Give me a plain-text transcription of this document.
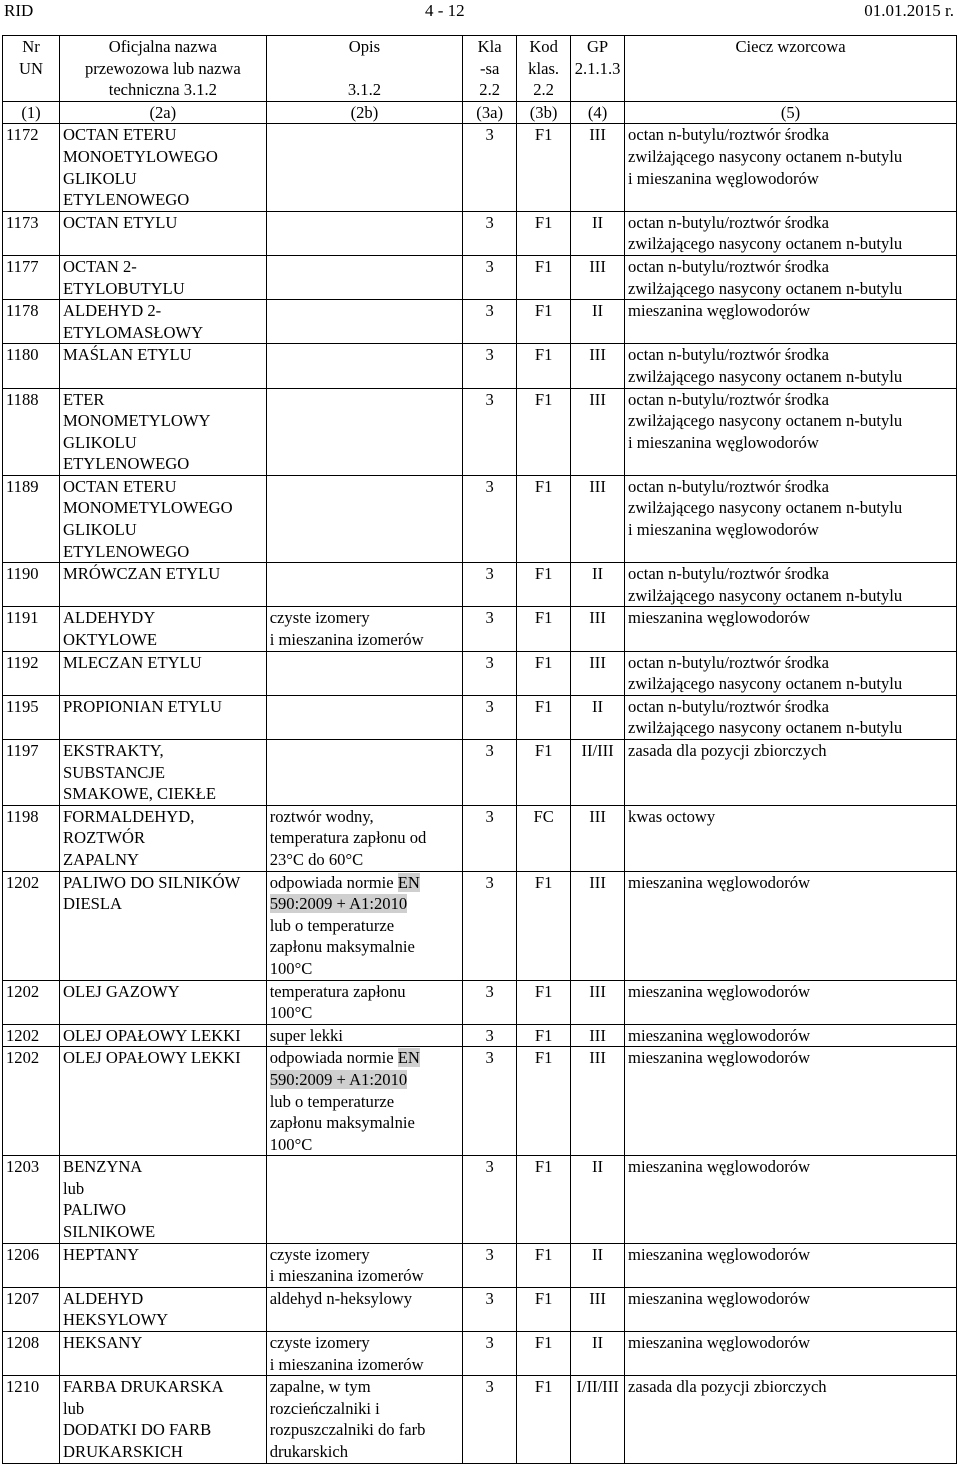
RID	4 - 12	01.01.2015 r.
Nr
UN	Oficjalna nazwa
przewozowa lub nazwa
techniczna 3.1.2	Opis

3.1.2	Kla
-sa
2.2	Kod
klas.
2.2	GP
2.1.1.3	Ciecz wzorcowa
(1)	(2a)	(2b)	(3a)	(3b)	(4)	(5)
1172	OCTAN ETERU
MONOETYLOWEGO
GLIKOLU
ETYLENOWEGO		3	F1	III	octan n-butylu/roztwór środka
zwilżającego nasycony octanem n-butylu
i mieszanina węglowodorów
1173	OCTAN ETYLU		3	F1	II	octan n-butylu/roztwór środka
zwilżającego nasycony octanem n-butylu
1177	OCTAN 2-
ETYLOBUTYLU		3	F1	III	octan n-butylu/roztwór środka
zwilżającego nasycony octanem n-butylu
1178	ALDEHYD 2-
ETYLOMASŁOWY		3	F1	II	mieszanina węglowodorów
1180	MAŚLAN ETYLU		3	F1	III	octan n-butylu/roztwór środka
zwilżającego nasycony octanem n-butylu
1188	ETER
MONOMETYLOWY
GLIKOLU
ETYLENOWEGO		3	F1	III	octan n-butylu/roztwór środka
zwilżającego nasycony octanem n-butylu
i mieszanina węglowodorów
1189	OCTAN ETERU
MONOMETYLOWEGO
GLIKOLU
ETYLENOWEGO		3	F1	III	octan n-butylu/roztwór środka
zwilżającego nasycony octanem n-butylu
i mieszanina węglowodorów
1190	MRÓWCZAN ETYLU		3	F1	II	octan n-butylu/roztwór środka
zwilżającego nasycony octanem n-butylu
1191	ALDEHYDY
OKTYLOWE	czyste izomery
i mieszanina izomerów	3	F1	III	mieszanina węglowodorów
1192	MLECZAN ETYLU		3	F1	III	octan n-butylu/roztwór środka
zwilżającego nasycony octanem n-butylu
1195	PROPIONIAN ETYLU		3	F1	II	octan n-butylu/roztwór środka
zwilżającego nasycony octanem n-butylu
1197	EKSTRAKTY,
SUBSTANCJE
SMAKOWE, CIEKŁE		3	F1	II/III	zasada dla pozycji zbiorczych
1198	FORMALDEHYD,
ROZTWÓR
ZAPALNY	roztwór wodny,
temperatura zapłonu od
23°C do 60°C	3	FC	III	kwas octowy
1202	PALIWO DO SILNIKÓW
DIESLA	odpowiada normie EN
590:2009 + A1:2010
lub o temperaturze
zapłonu maksymalnie
100°C	3	F1	III	mieszanina węglowodorów
1202	OLEJ GAZOWY	temperatura zapłonu
100°C	3	F1	III	mieszanina węglowodorów
1202	OLEJ OPAŁOWY LEKKI	super lekki	3	F1	III	mieszanina węglowodorów
1202	OLEJ OPAŁOWY LEKKI	odpowiada normie EN
590:2009 + A1:2010
lub o temperaturze
zapłonu maksymalnie
100°C	3	F1	III	mieszanina węglowodorów
1203	BENZYNA
lub
PALIWO
SILNIKOWE		3	F1	II	mieszanina węglowodorów
1206	HEPTANY	czyste izomery
i mieszanina izomerów	3	F1	II	mieszanina węglowodorów
1207	ALDEHYD
HEKSYLOWY	aldehyd n-heksylowy	3	F1	III	mieszanina węglowodorów
1208	HEKSANY	czyste izomery
i mieszanina izomerów	3	F1	II	mieszanina węglowodorów
1210	FARBA DRUKARSKA
lub
DODATKI DO FARB
DRUKARSKICH	zapalne, w tym
rozcieńczalniki i
rozpuszczalniki do farb
drukarskich	3	F1	I/II/III	zasada dla pozycji zbiorczych
